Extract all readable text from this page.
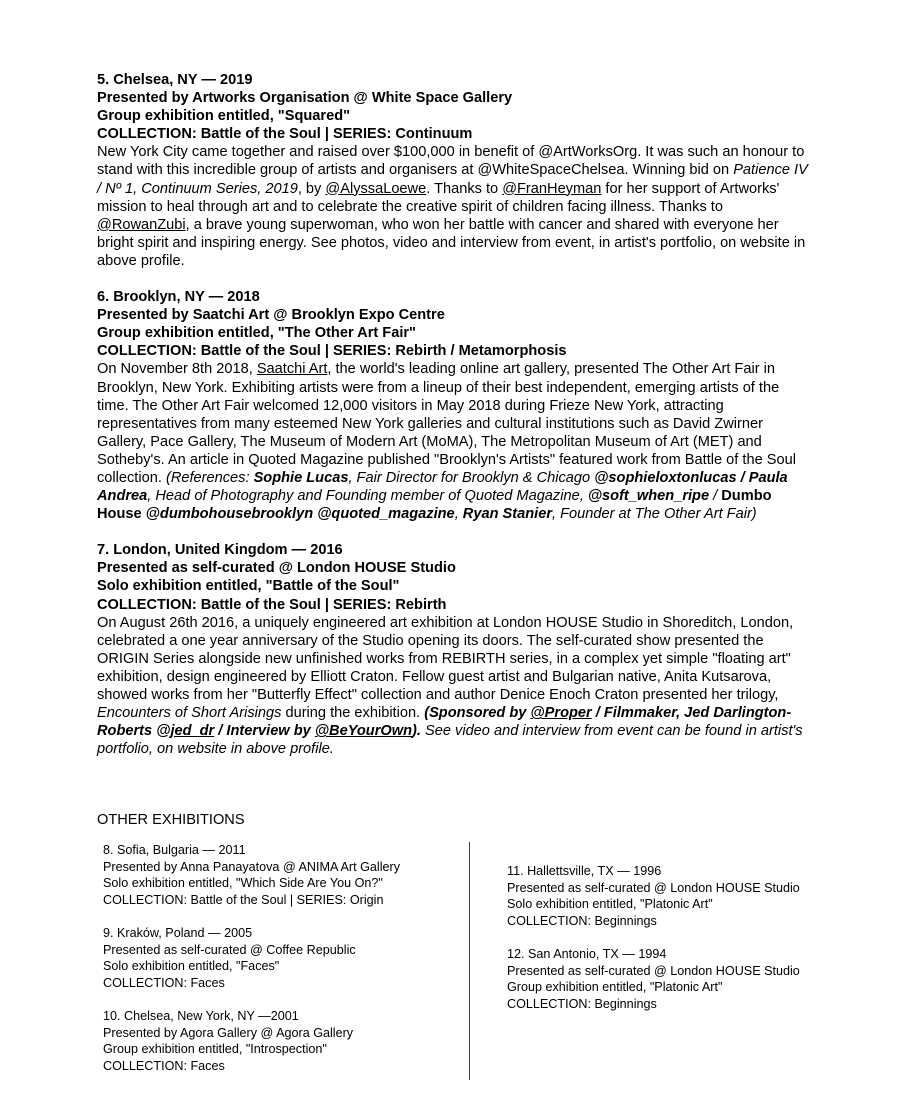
5. Chelsea, NY — 2019

Presented by Artworks Organisation @ White Space Gallery

Group exhibition entitled, "Squared"

COLLECTION: Battle of the Soul | SERIES: Continuum

New York City came together and raised over $100,000 in benefit of @ArtWorksOrg. It was such an honour to stand with this incredible group of artists and organisers at @WhiteSpaceChelsea. Winning bid on Patience IV / Nº 1, Continuum Series, 2019, by @AlyssaLoewe. Thanks to @FranHeyman for her support of Artworks' mission to heal through art and to celebrate the creative spirit of children facing illness. Thanks to @RowanZubi, a brave young superwoman, who won her battle with cancer and shared with everyone her bright spirit and inspiring energy. See photos, video and interview from event, in artist's portfolio, on website in above profile.

6. Brooklyn, NY — 2018

Presented by Saatchi Art @ Brooklyn Expo Centre

Group exhibition entitled, "The Other Art Fair"

COLLECTION: Battle of the Soul | SERIES: Rebirth / Metamorphosis

On November 8th 2018, Saatchi Art, the world's leading online art gallery, presented The Other Art Fair in Brooklyn, New York. Exhibiting artists were from a lineup of their best independent, emerging artists of the time. The Other Art Fair welcomed 12,000 visitors in May 2018 during Frieze New York, attracting representatives from many esteemed New York galleries and cultural institutions such as David Zwirner Gallery, Pace Gallery, The Museum of Modern Art (MoMA), The Metropolitan Museum of Art (MET) and Sotheby's. An article in Quoted Magazine published "Brooklyn's Artists" featured work from Battle of the Soul collection. (References: Sophie Lucas, Fair Director for Brooklyn & Chicago @sophieloxtonlucas / Paula Andrea, Head of Photography and Founding member of Quoted Magazine, @soft_when_ripe / Dumbo House @dumbohousebrooklyn @quoted_magazine, Ryan Stanier, Founder at The Other Art Fair)

7. London, United Kingdom — 2016

Presented as self-curated @ London HOUSE Studio

Solo exhibition entitled, "Battle of the Soul"

COLLECTION: Battle of the Soul | SERIES: Rebirth

On August 26th 2016, a uniquely engineered art exhibition at London HOUSE Studio in Shoreditch, London, celebrated a one year anniversary of the Studio opening its doors. The self-curated show presented the ORIGIN Series alongside new unfinished works from REBIRTH series, in a complex yet simple "floating art" exhibition, design engineered by Elliott Craton. Fellow guest artist and Bulgarian native, Anita Kutsarova, showed works from her "Butterfly Effect" collection and author Denice Enoch Craton presented her trilogy, Encounters of Short Arisings during the exhibition. (Sponsored by @Proper / Filmmaker, Jed Darlington-Roberts @jed_dr / Interview by @BeYourOwn). See video and interview from event can be found in artist's portfolio, on website in above profile.

OTHER EXHIBITIONS
8. Sofia, Bulgaria — 2011
Presented by Anna Panayatova @ ANIMA Art Gallery
Solo exhibition entitled, "Which Side Are You On?"
COLLECTION: Battle of the Soul | SERIES: Origin
9. Kraków, Poland — 2005
Presented as self-curated @ Coffee Republic
Solo exhibition entitled, "Faces"
COLLECTION: Faces
10. Chelsea, New York, NY —2001
Presented by Agora Gallery @ Agora Gallery
Group exhibition entitled, "Introspection"
COLLECTION: Faces
11. Hallettsville, TX — 1996
Presented as self-curated @ London HOUSE Studio
Solo exhibition entitled, "Platonic Art"
COLLECTION: Beginnings
12. San Antonio, TX — 1994
Presented as self-curated @ London HOUSE Studio
Group exhibition entitled, "Platonic Art"
COLLECTION: Beginnings
